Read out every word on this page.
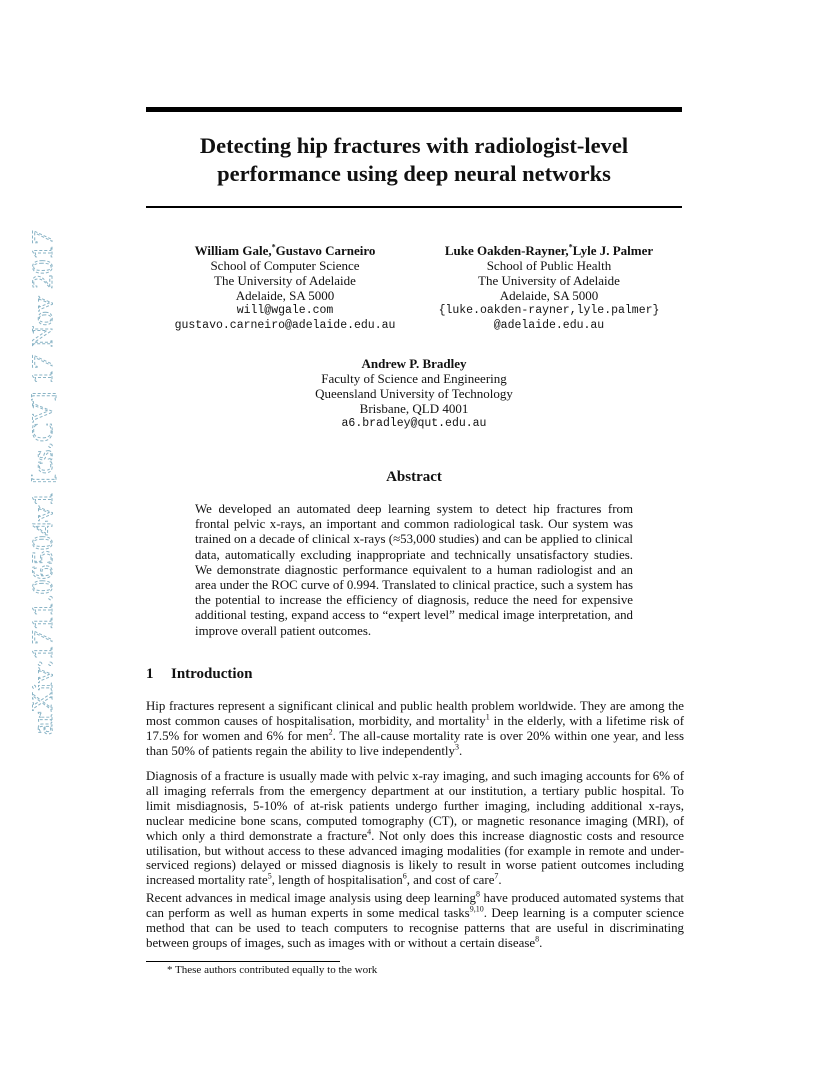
arXiv:1711.06504v1 [cs.CV] 17 Nov 2017
Detecting hip fractures with radiologist-level
performance using deep neural networks
William Gale,*Gustavo Carneiro
School of Computer Science
The University of Adelaide
Adelaide, SA 5000
will@wgale.com
gustavo.carneiro@adelaide.edu.au
Luke Oakden-Rayner,*Lyle J. Palmer
School of Public Health
The University of Adelaide
Adelaide, SA 5000
{luke.oakden-rayner,lyle.palmer}
@adelaide.edu.au
Andrew P. Bradley
Faculty of Science and Engineering
Queensland University of Technology
Brisbane, QLD 4001
a6.bradley@qut.edu.au
Abstract

We developed an automated deep learning system to detect hip fractures from frontal pelvic x-rays, an important and common radiological task. Our system was trained on a decade of clinical x-rays (≈53,000 studies) and can be applied to clinical data, automatically excluding inappropriate and technically unsatisfactory studies. We demonstrate diagnostic performance equivalent to a human radiologist and an area under the ROC curve of 0.994. Translated to clinical practice, such a system has the potential to increase the efficiency of diagnosis, reduce the need for expensive additional testing, expand access to “expert level” medical image interpretation, and improve overall patient outcomes.

1 Introduction

Hip fractures represent a significant clinical and public health problem worldwide. They are among the most common causes of hospitalisation, morbidity, and mortality$^1$ in the elderly, with a lifetime risk of 17.5% for women and 6% for men$^2$. The all-cause mortality rate is over 20% within one year, and less than 50% of patients regain the ability to live independently$^3$.

Diagnosis of a fracture is usually made with pelvic x-ray imaging, and such imaging accounts for 6% of all imaging referrals from the emergency department at our institution, a tertiary public hospital. To limit misdiagnosis, 5-10% of at-risk patients undergo further imaging, including additional x-rays, nuclear medicine bone scans, computed tomography (CT), or magnetic resonance imaging (MRI), of which only a third demonstrate a fracture$^4$. Not only does this increase diagnostic costs and resource utilisation, but without access to these advanced imaging modalities (for example in remote and under-serviced regions) delayed or missed diagnosis is likely to result in worse patient outcomes including increased mortality rate$^5$, length of hospitalisation$^6$, and cost of care$^7$.

Recent advances in medical image analysis using deep learning$^8$ have produced automated systems that can perform as well as human experts in some medical tasks$^{9,10}$. Deep learning is a computer science method that can be used to teach computers to recognise patterns that are useful in discriminating between groups of images, such as images with or without a certain disease$^8$.

* These authors contributed equally to the work
